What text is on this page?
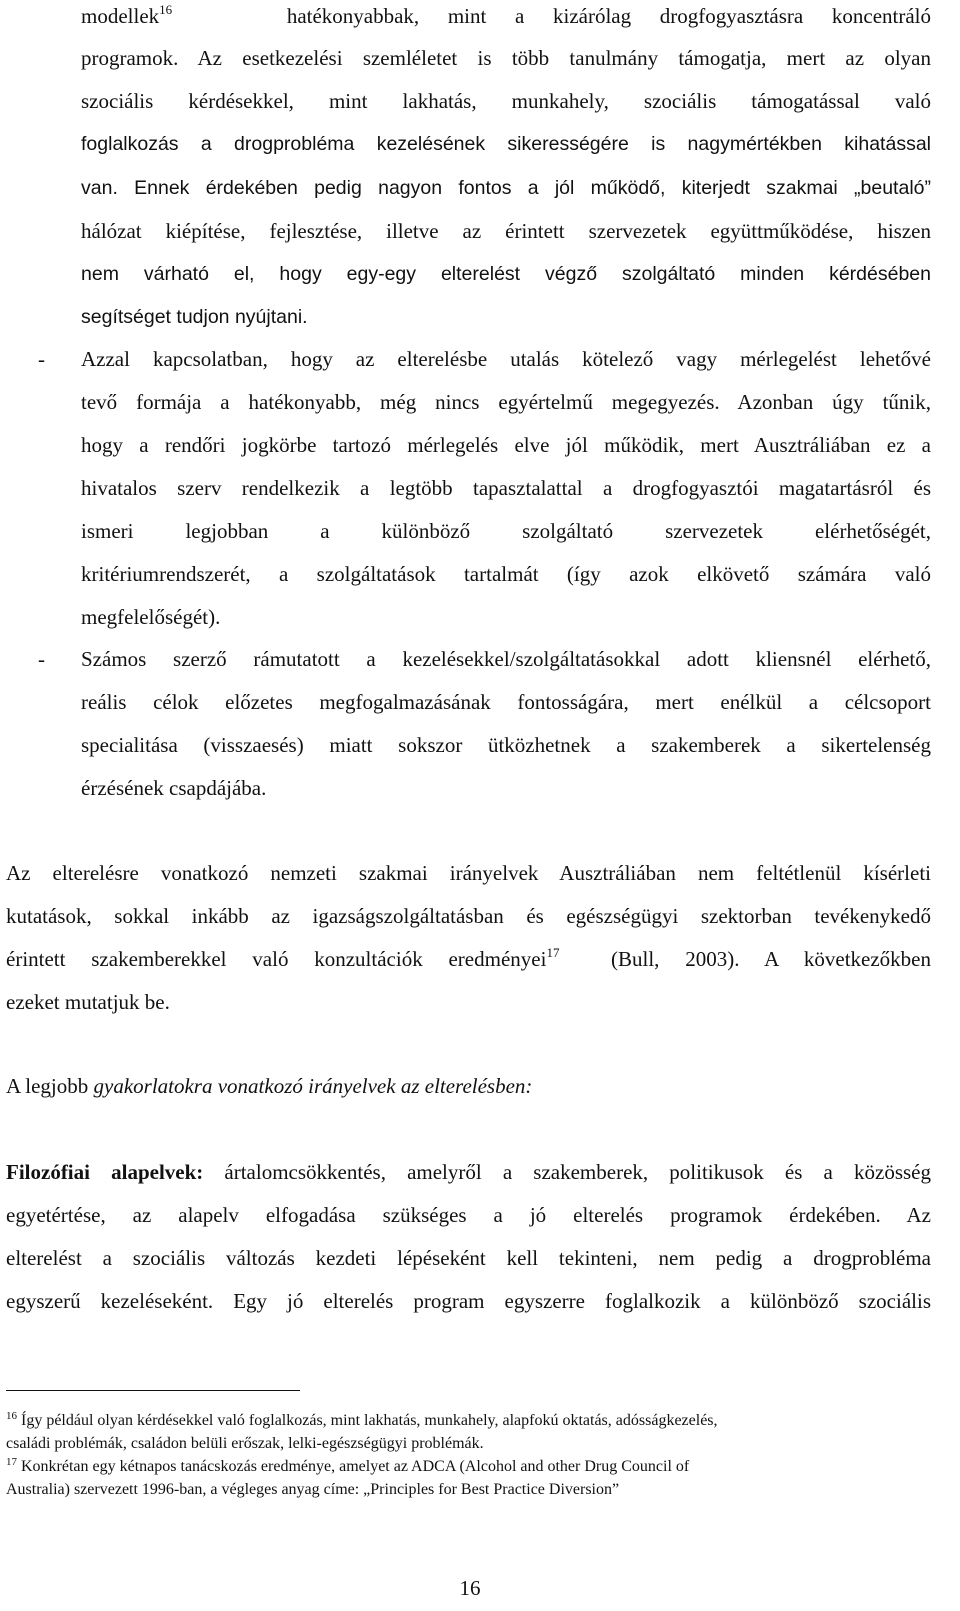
modellek$^{16}$	hatékonyabbak, mint a kizárólag drogfogyasztásra koncentráló
programok. Az esetkezelési szemléletet is több tanulmány támogatja, mert az olyan
szociális kérdésekkel, mint lakhatás, munkahely, szociális támogatással való
foglalkozás a drogprobléma kezelésének sikerességére is nagymértékben kihatással
van. Ennek érdekében pedig nagyon fontos a jól működő, kiterjedt szakmai „beutaló”
hálózat kiépítése, fejlesztése, illetve az érintett szervezetek együttműködése, hiszen
nem várható el, hogy egy-egy elterelést végző szolgáltató minden kérdésében
segítséget tudjon nyújtani.
- Azzal kapcsolatban, hogy az elterelésbe utalás kötelező vagy mérlegelést lehetővé
tevő formája a hatékonyabb, még nincs egyértelmű megegyezés. Azonban úgy tűnik,
hogy a rendőri jogkörbe tartozó mérlegelés elve jól működik, mert Ausztráliában ez a
hivatalos szerv rendelkezik a legtöbb tapasztalattal a drogfogyasztói magatartásról és
ismeri legjobban a különböző szolgáltató szervezetek elérhetőségét,
kritériumrendszerét, a szolgáltatások tartalmát (így azok elkövető számára való
megfelelőségét).
- Számos szerző rámutatott a kezelésekkel/szolgáltatásokkal adott kliensnél elérhető,
reális célok előzetes megfogalmazásának fontosságára, mert enélkül a célcsoport
specialitása (visszaesés) miatt sokszor ütközhetnek a szakemberek a sikertelenség
érzésének csapdájába.
Az elterelésre vonatkozó nemzeti szakmai irányelvek Ausztráliában nem feltétlenül kísérleti
kutatások, sokkal inkább az igazságszolgáltatásban és egészségügyi szektorban tevékenykedő
érintett szakemberekkel való konzultációk eredményei$^{17}$ (Bull, 2003). A következőkben
ezeket mutatjuk be.
A legjobb gyakorlatokra vonatkozó irányelvek az elterelésben:
Filozófiai alapelvek: ártalomcsökkentés, amelyről a szakemberek, politikusok és a közösség
egyetértése, az alapelv elfogadása szükséges a jó elterelés programok érdekében. Az
elterelést a szociális változás kezdeti lépéseként kell tekinteni, nem pedig a drogprobléma
egyszerű kezeléseként. Egy jó elterelés program egyszerre foglalkozik a különböző szociális
$^{16}$ Így például olyan kérdésekkel való foglalkozás, mint lakhatás, munkahely, alapfokú oktatás, adósságkezelés,
családi problémák, családon belüli erőszak, lelki-egészségügyi problémák.
$^{17}$ Konkrétan egy kétnapos tanácskozás eredménye, amelyet az ADCA (Alcohol and other Drug Council of
Australia) szervezett 1996-ban, a végleges anyag címe: „Principles for Best Practice Diversion”
16
